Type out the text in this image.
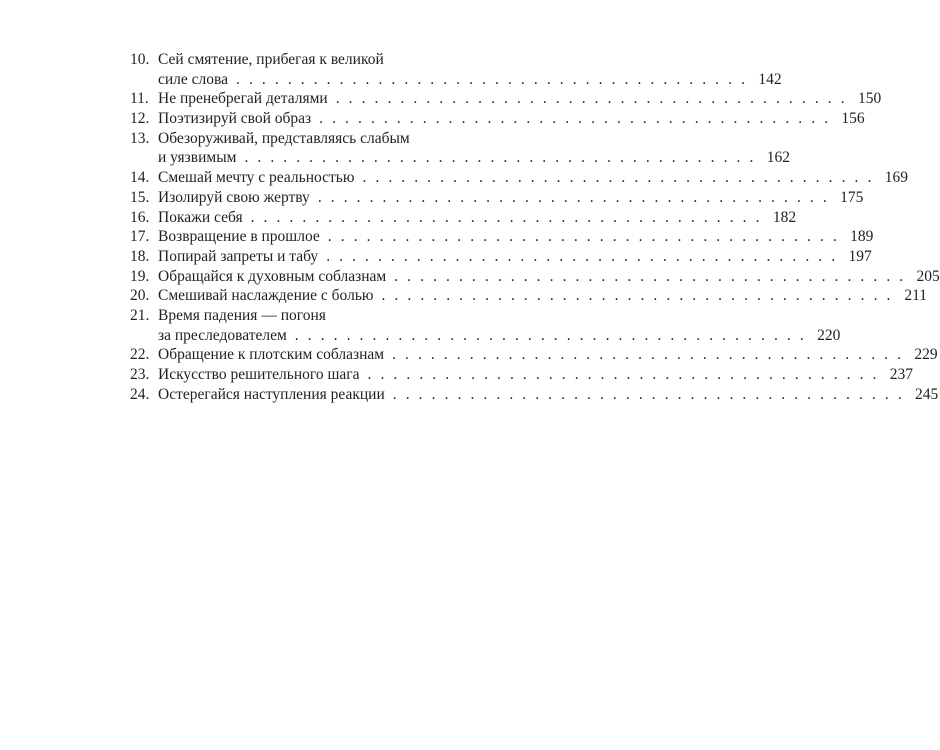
10. Сей смятение, прибегая к великой
силе слова . . . . . . . . . . . . . . . . . . . . . . . . . . . . . . . . . . . . . . . . 142
11. Не пренебрегай деталями . . . . . . . . . . . . . . . . . . . . . . . . . . . . . . . . . . . . . . . . 150
12. Поэтизируй свой образ . . . . . . . . . . . . . . . . . . . . . . . . . . . . . . . . . . . . . . . . 156
13. Обезоруживай, представляясь слабым
и уязвимым . . . . . . . . . . . . . . . . . . . . . . . . . . . . . . . . . . . . . . . . 162
14. Смешай мечту с реальностью . . . . . . . . . . . . . . . . . . . . . . . . . . . . . . . . . . . . . . . . 169
15. Изолируй свою жертву . . . . . . . . . . . . . . . . . . . . . . . . . . . . . . . . . . . . . . . . 175
16. Покажи себя . . . . . . . . . . . . . . . . . . . . . . . . . . . . . . . . . . . . . . . . 182
17. Возвращение в прошлое . . . . . . . . . . . . . . . . . . . . . . . . . . . . . . . . . . . . . . . . 189
18. Попирай запреты и табу . . . . . . . . . . . . . . . . . . . . . . . . . . . . . . . . . . . . . . . . 197
19. Обращайся к духовным соблазнам . . . . . . . . . . . . . . . . . . . . . . . . . . . . . . . . . . . . . . . . 205
20. Смешивай наслаждение с болью . . . . . . . . . . . . . . . . . . . . . . . . . . . . . . . . . . . . . . . . 211
21. Время падения — погоня
за преследователем . . . . . . . . . . . . . . . . . . . . . . . . . . . . . . . . . . . . . . . . 220
22. Обращение к плотским соблазнам . . . . . . . . . . . . . . . . . . . . . . . . . . . . . . . . . . . . . . . . 229
23. Искусство решительного шага . . . . . . . . . . . . . . . . . . . . . . . . . . . . . . . . . . . . . . . . 237
24. Остерегайся наступления реакции . . . . . . . . . . . . . . . . . . . . . . . . . . . . . . . . . . . . . . . . 245
